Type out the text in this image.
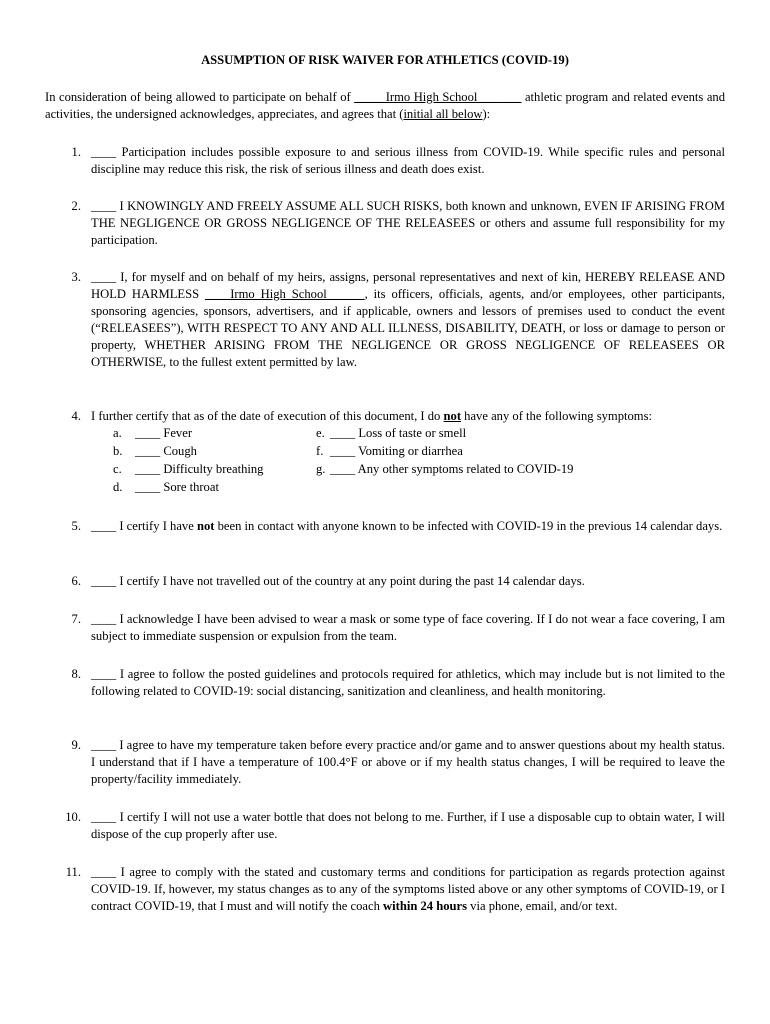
ASSUMPTION OF RISK WAIVER FOR ATHLETICS (COVID-19)
In consideration of being allowed to participate on behalf of _____Irmo High School_______ athletic program and related events and activities, the undersigned acknowledges, appreciates, and agrees that (initial all below):
1. ____ Participation includes possible exposure to and serious illness from COVID-19. While specific rules and personal discipline may reduce this risk, the risk of serious illness and death does exist.
2. ____ I KNOWINGLY AND FREELY ASSUME ALL SUCH RISKS, both known and unknown, EVEN IF ARISING FROM THE NEGLIGENCE OR GROSS NEGLIGENCE OF THE RELEASEES or others and assume full responsibility for my participation.
3. ____ I, for myself and on behalf of my heirs, assigns, personal representatives and next of kin, HEREBY RELEASE AND HOLD HARMLESS ____Irmo High School______, its officers, officials, agents, and/or employees, other participants, sponsoring agencies, sponsors, advertisers, and if applicable, owners and lessors of premises used to conduct the event (“RELEASEES”), WITH RESPECT TO ANY AND ALL ILLNESS, DISABILITY, DEATH, or loss or damage to person or property, WHETHER ARISING FROM THE NEGLIGENCE OR GROSS NEGLIGENCE OF RELEASEES OR OTHERWISE, to the fullest extent permitted by law.
4. I further certify that as of the date of execution of this document, I do not have any of the following symptoms:
a. ____ Fever
b. ____ Cough
c. ____ Difficulty breathing
d. ____ Sore throat
e. ____ Loss of taste or smell
f. ____ Vomiting or diarrhea
g. ____ Any other symptoms related to COVID-19
5. ____ I certify I have not been in contact with anyone known to be infected with COVID-19 in the previous 14 calendar days.
6. ____ I certify I have not travelled out of the country at any point during the past 14 calendar days.
7. ____ I acknowledge I have been advised to wear a mask or some type of face covering. If I do not wear a face covering, I am subject to immediate suspension or expulsion from the team.
8. ____ I agree to follow the posted guidelines and protocols required for athletics, which may include but is not limited to the following related to COVID-19: social distancing, sanitization and cleanliness, and health monitoring.
9. ____ I agree to have my temperature taken before every practice and/or game and to answer questions about my health status. I understand that if I have a temperature of 100.4°F or above or if my health status changes, I will be required to leave the property/facility immediately.
10. ____ I certify I will not use a water bottle that does not belong to me. Further, if I use a disposable cup to obtain water, I will dispose of the cup properly after use.
11. ____ I agree to comply with the stated and customary terms and conditions for participation as regards protection against COVID-19. If, however, my status changes as to any of the symptoms listed above or any other symptoms of COVID-19, or I contract COVID-19, that I must and will notify the coach within 24 hours via phone, email, and/or text.
